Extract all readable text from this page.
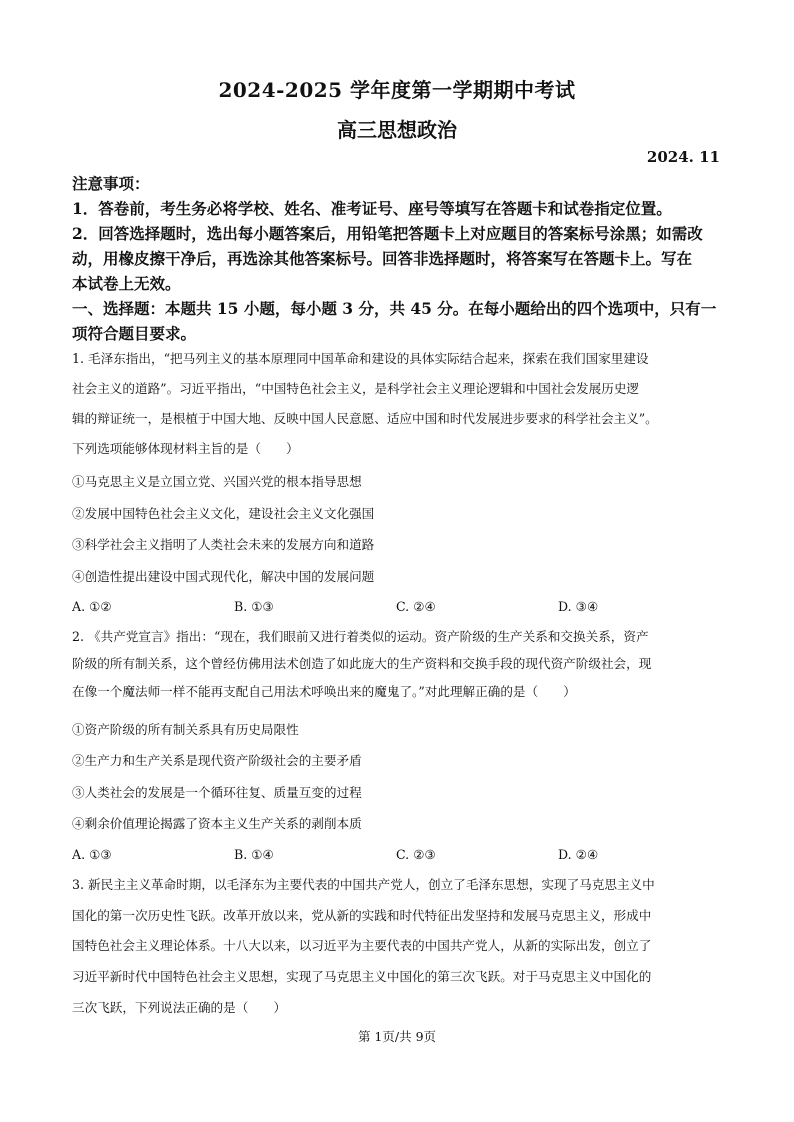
2024-2025 学年度第一学期期中考试
高三思想政治
2024. 11
注意事项：
1．答卷前，考生务必将学校、姓名、准考证号、座号等填写在答题卡和试卷指定位置。
2．回答选择题时，选出每小题答案后，用铅笔把答题卡上对应题目的答案标号涂黑；如需改
动，用橡皮擦干净后，再选涂其他答案标号。回答非选择题时，将答案写在答题卡上。写在
本试卷上无效。
一、选择题：本题共 15 小题，每小题 3 分，共 45 分。在每小题给出的四个选项中，只有一
项符合题目要求。
1. 毛泽东指出，“把马列主义的基本原理同中国革命和建设的具体实际结合起来，探索在我们国家里建设
社会主义的道路”。习近平指出，“中国特色社会主义，是科学社会主义理论逻辑和中国社会发展历史逻
辑的辩证统一，是根植于中国大地、反映中国人民意愿、适应中国和时代发展进步要求的科学社会主义”。
下列选项能够体现材料主旨的是（　　）
①马克思主义是立国立党、兴国兴党的根本指导思想
②发展中国特色社会主义文化，建设社会主义文化强国
③科学社会主义指明了人类社会未来的发展方向和道路
④创造性提出建设中国式现代化，解决中国的发展问题
A. ①②	B. ①③	C. ②④	D. ③④
2. 《共产党宣言》指出：“现在，我们眼前又进行着类似的运动。资产阶级的生产关系和交换关系，资产
阶级的所有制关系，这个曾经仿佛用法术创造了如此庞大的生产资料和交换手段的现代资产阶级社会，现
在像一个魔法师一样不能再支配自己用法术呼唤出来的魔鬼了。”对此理解正确的是（　　）
①资产阶级的所有制关系具有历史局限性
②生产力和生产关系是现代资产阶级社会的主要矛盾
③人类社会的发展是一个循环往复、质量互变的过程
④剩余价值理论揭露了资本主义生产关系的剥削本质
A. ①③	B. ①④	C. ②③	D. ②④
3. 新民主主义革命时期，以毛泽东为主要代表的中国共产党人，创立了毛泽东思想，实现了马克思主义中
国化的第一次历史性飞跃。改革开放以来，党从新的实践和时代特征出发坚持和发展马克思主义，形成中
国特色社会主义理论体系。十八大以来，以习近平为主要代表的中国共产党人，从新的实际出发，创立了
习近平新时代中国特色社会主义思想，实现了马克思主义中国化的第三次飞跃。对于马克思主义中国化的
三次飞跃，下列说法正确的是（　　）
第 1页/共 9页
